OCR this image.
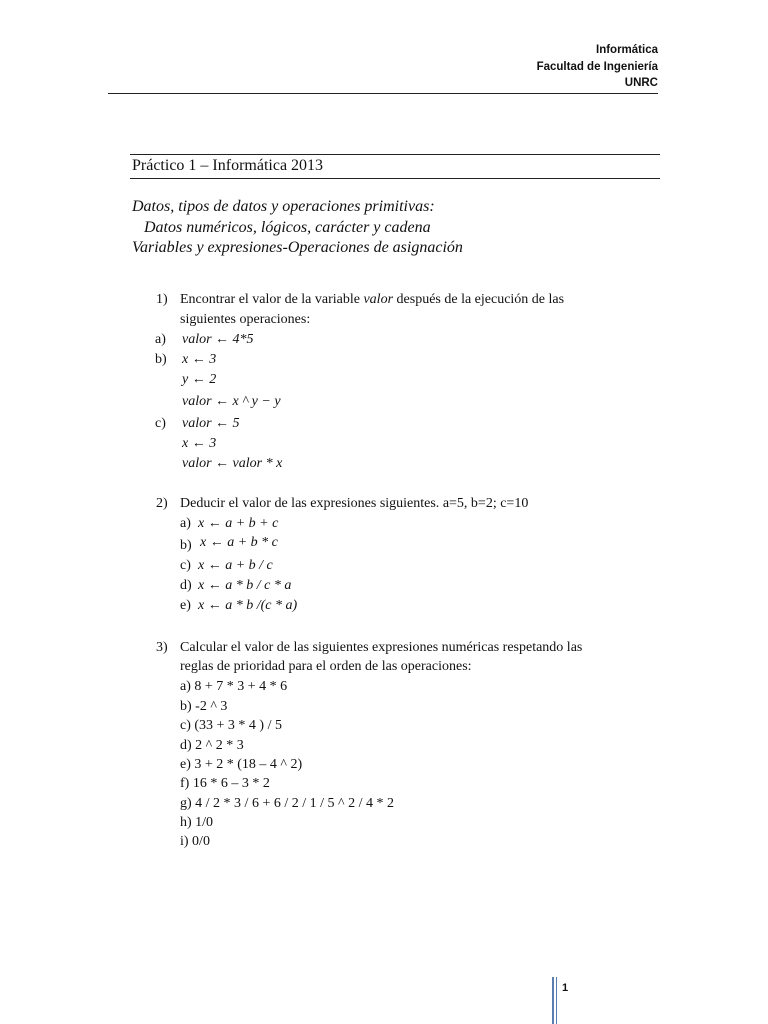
Informática
Facultad de Ingeniería
UNRC
Práctico 1 – Informática 2013
Datos, tipos de datos y operaciones primitivas:
Datos numéricos, lógicos, carácter y cadena
Variables y expresiones-Operaciones de asignación
1) Encontrar el valor de la variable valor después de la ejecución de las
siguientes operaciones:
a) valor ← 4*5
b) x ← 3
y ← 2
valor ← x ^ y − y
c) valor ← 5
x ← 3
valor ← valor * x
2) Deducir el valor de las expresiones siguientes. a=5, b=2; c=10
a) x ← a + b + c
b) x ← a + b * c
c) x ← a + b / c
d) x ← a * b / c * a
e) x ← a * b /(c * a)
3) Calcular el valor de las siguientes expresiones numéricas respetando las
reglas de prioridad para el orden de las operaciones:
a) 8 + 7 * 3 + 4 * 6
b) -2 ^ 3
c) (33 + 3 * 4 ) / 5
d) 2 ^ 2 * 3
e) 3 + 2 * (18 – 4 ^ 2)
f) 16 * 6 – 3 * 2
g) 4 / 2 * 3 / 6 + 6 / 2 / 1 / 5 ^ 2 / 4 * 2
h) 1/0
i) 0/0
1
